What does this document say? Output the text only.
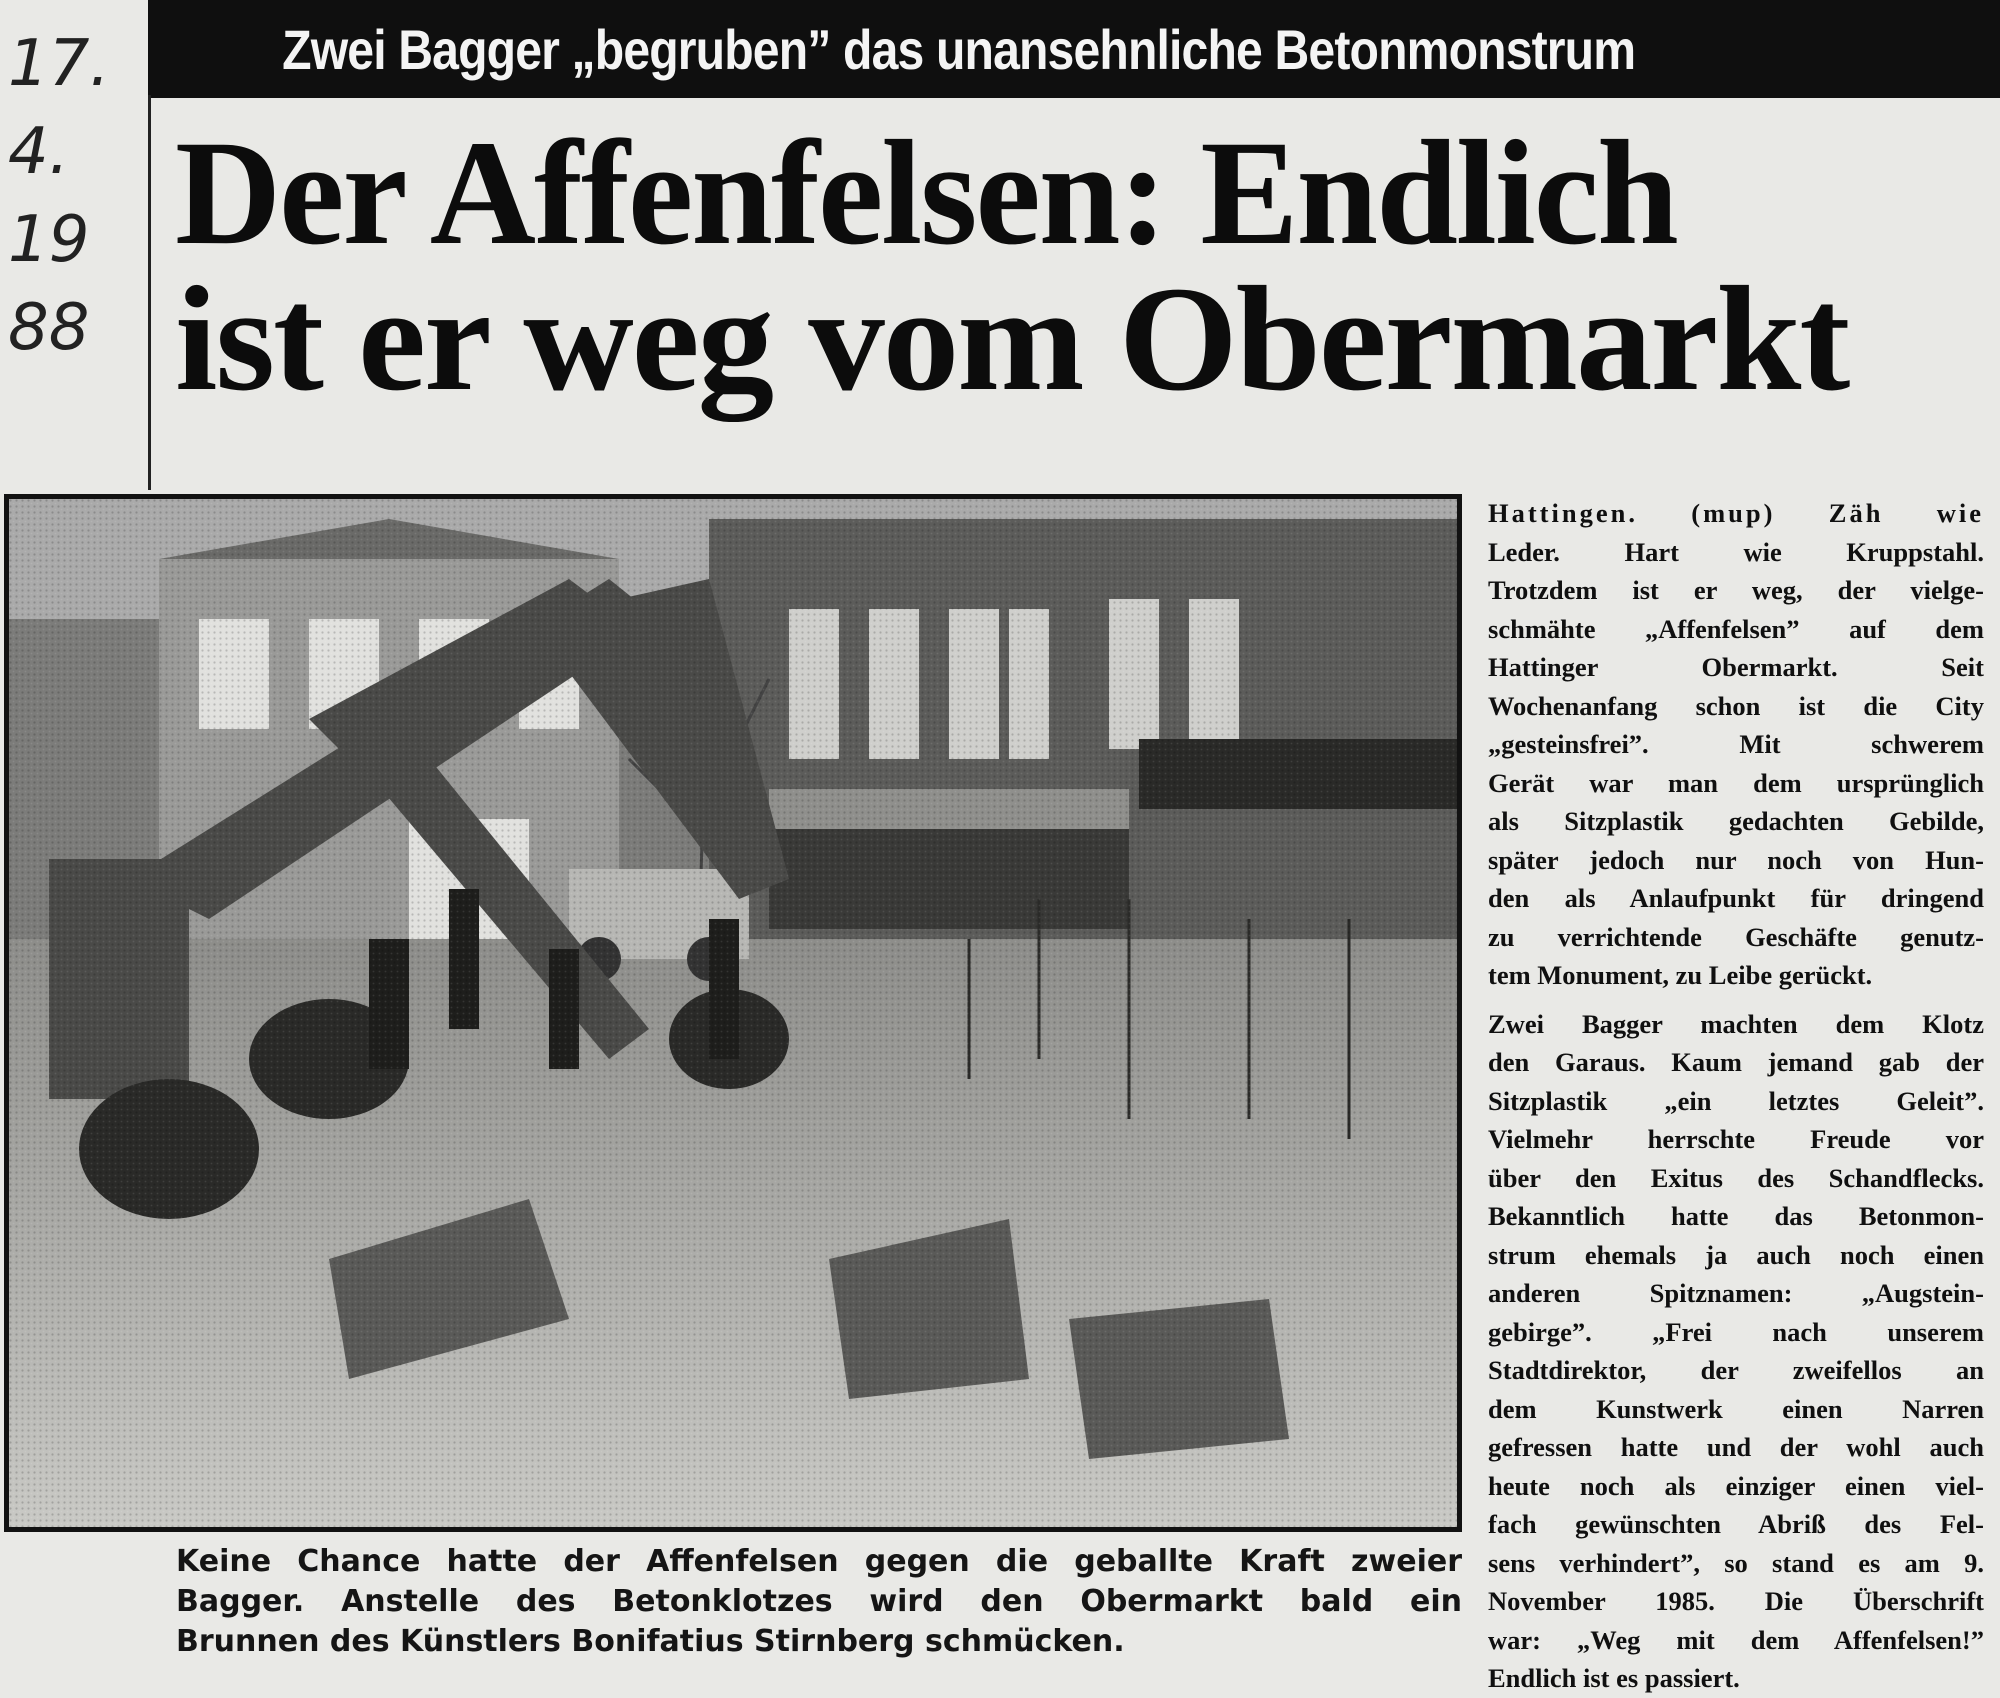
17.
4.
19
88
Zwei Bagger „begruben” das unansehnliche Betonmonstrum
Der Affenfelsen: Endlich
ist er weg vom Obermarkt
Keine Chance hatte der Affenfelsen gegen die geballte Kraft zweier
Bagger. Anstelle des Betonklotzes wird den Obermarkt bald ein
Brunnen des Künstlers Bonifatius Stirnberg schmücken.
Hattingen. (mup) Zäh wie
Leder. Hart wie Kruppstahl.
Trotzdem ist er weg, der vielge-
schmähte „Affenfelsen” auf dem
Hattinger Obermarkt. Seit
Wochenanfang schon ist die City
„gesteinsfrei”. Mit schwerem
Gerät war man dem ursprünglich
als Sitzplastik gedachten Gebilde,
später jedoch nur noch von Hun-
den als Anlaufpunkt für dringend
zu verrichtende Geschäfte genutz-
tem Monument, zu Leibe gerückt.
Zwei Bagger machten dem Klotz
den Garaus. Kaum jemand gab der
Sitzplastik „ein letztes Geleit”.
Vielmehr herrschte Freude vor
über den Exitus des Schandflecks.
Bekanntlich hatte das Betonmon-
strum ehemals ja auch noch einen
anderen Spitznamen: „Augstein-
gebirge”. „Frei nach unserem
Stadtdirektor, der zweifellos an
dem Kunstwerk einen Narren
gefressen hatte und der wohl auch
heute noch als einziger einen viel-
fach gewünschten Abriß des Fel-
sens verhindert”, so stand es am 9.
November 1985. Die Überschrift
war: „Weg mit dem Affenfelsen!”
Endlich ist es passiert.
